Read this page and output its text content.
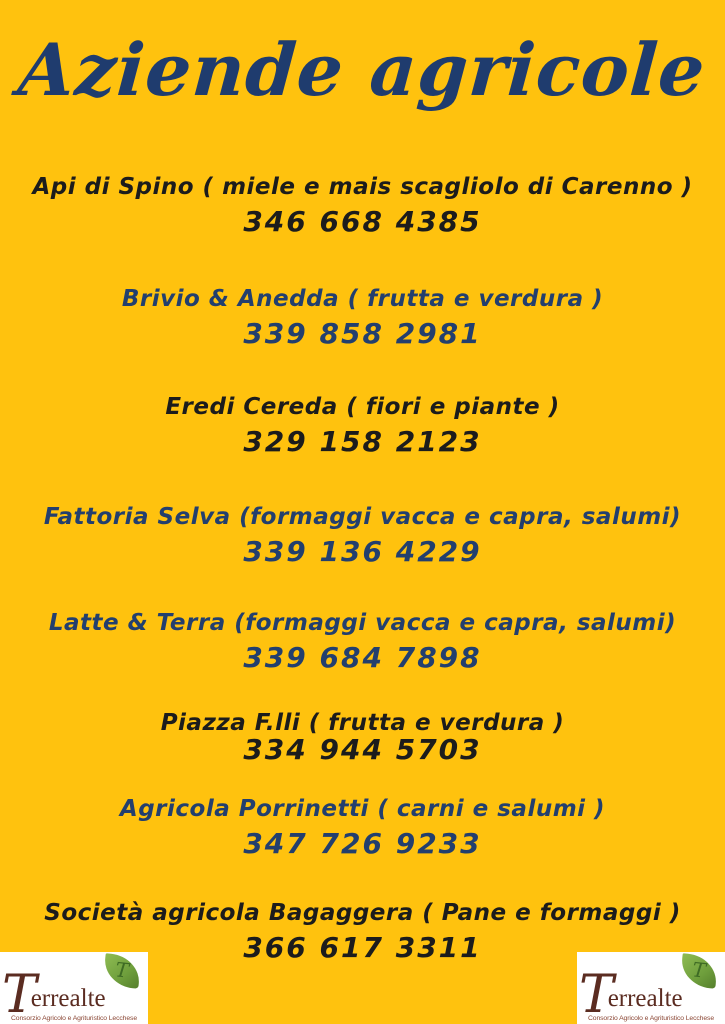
Aziende agricole
Api di Spino ( miele e mais scagliolo di Carenno )
346 668 4385
Brivio & Anedda ( frutta e verdura )
339 858 2981
Eredi Cereda ( fiori e piante )
329 158 2123
Fattoria Selva (formaggi vacca e capra, salumi)
339 136 4229
Latte & Terra (formaggi vacca e capra, salumi)
339 684 7898
Piazza F.lli ( frutta e verdura )
334 944 5703
Agricola Porrinetti ( carni e salumi )
347 726 9233
Società agricola Bagaggera ( Pane e formaggi )
366 617 3311
T
Terrealte
Consorzio Agricolo e Agrituristico Lecchese
T
Terrealte
Consorzio Agricolo e Agrituristico Lecchese
